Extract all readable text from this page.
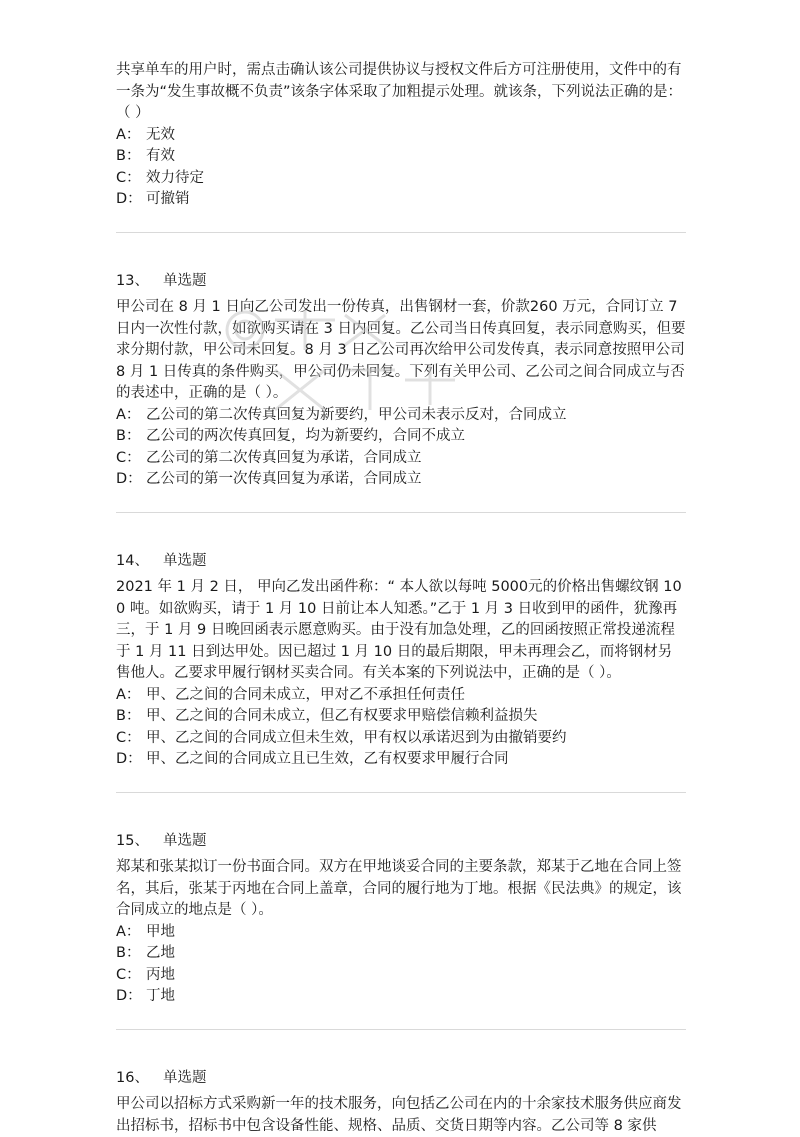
共享单车的用户时，需点击确认该公司提供协议与授权文件后方可注册使用，文件中的有一条为“发生事故概不负责”该条字体采取了加粗提示处理。就该条，下列说法正确的是：（ ）

A： 无效

B： 有效

C： 效力待定

D： 可撤销

13、 单选题

甲公司在 8 月 1 日向乙公司发出一份传真，出售钢材一套，价款260 万元，合同订立 7 日内一次性付款，如欲购买请在 3 日内回复。乙公司当日传真回复，表示同意购买，但要求分期付款，甲公司未回复。8 月 3 日乙公司再次给甲公司发传真，表示同意按照甲公司 8 月 1 日传真的条件购买，甲公司仍未回复。下列有关甲公司、乙公司之间合同成立与否的表述中，正确的是（ ）。

A： 乙公司的第二次传真回复为新要约，甲公司未表示反对，合同成立

B： 乙公司的两次传真回复，均为新要约，合同不成立

C： 乙公司的第二次传真回复为承诺，合同成立

D： 乙公司的第一次传真回复为承诺，合同成立

14、 单选题

2021 年 1 月 2 日， 甲向乙发出函件称：“ 本人欲以每吨 5000元的价格出售螺纹钢 100 吨。如欲购买，请于 1 月 10 日前让本人知悉。”乙于 1 月 3 日收到甲的函件，犹豫再三，于 1 月 9 日晚回函表示愿意购买。由于没有加急处理，乙的回函按照正常投递流程于 1 月 11 日到达甲处。因已超过 1 月 10 日的最后期限，甲未再理会乙，而将钢材另售他人。乙要求甲履行钢材买卖合同。有关本案的下列说法中，正确的是（ ）。

A： 甲、乙之间的合同未成立，甲对乙不承担任何责任

B： 甲、乙之间的合同未成立，但乙有权要求甲赔偿信赖利益损失

C： 甲、乙之间的合同成立但未生效，甲有权以承诺迟到为由撤销要约

D： 甲、乙之间的合同成立且已生效，乙有权要求甲履行合同

15、 单选题

郑某和张某拟订一份书面合同。双方在甲地谈妥合同的主要条款，郑某于乙地在合同上签名，其后，张某于丙地在合同上盖章，合同的履行地为丁地。根据《民法典》的规定，该合同成立的地点是（ ）。

A： 甲地

B： 乙地

C： 丙地

D： 丁地

16、 单选题

甲公司以招标方式采购新一年的技术服务，向包括乙公司在内的十余家技术服务供应商发出招标书，招标书中包含设备性能、规格、品质、交货日期等内容。乙公司等 8 家供
